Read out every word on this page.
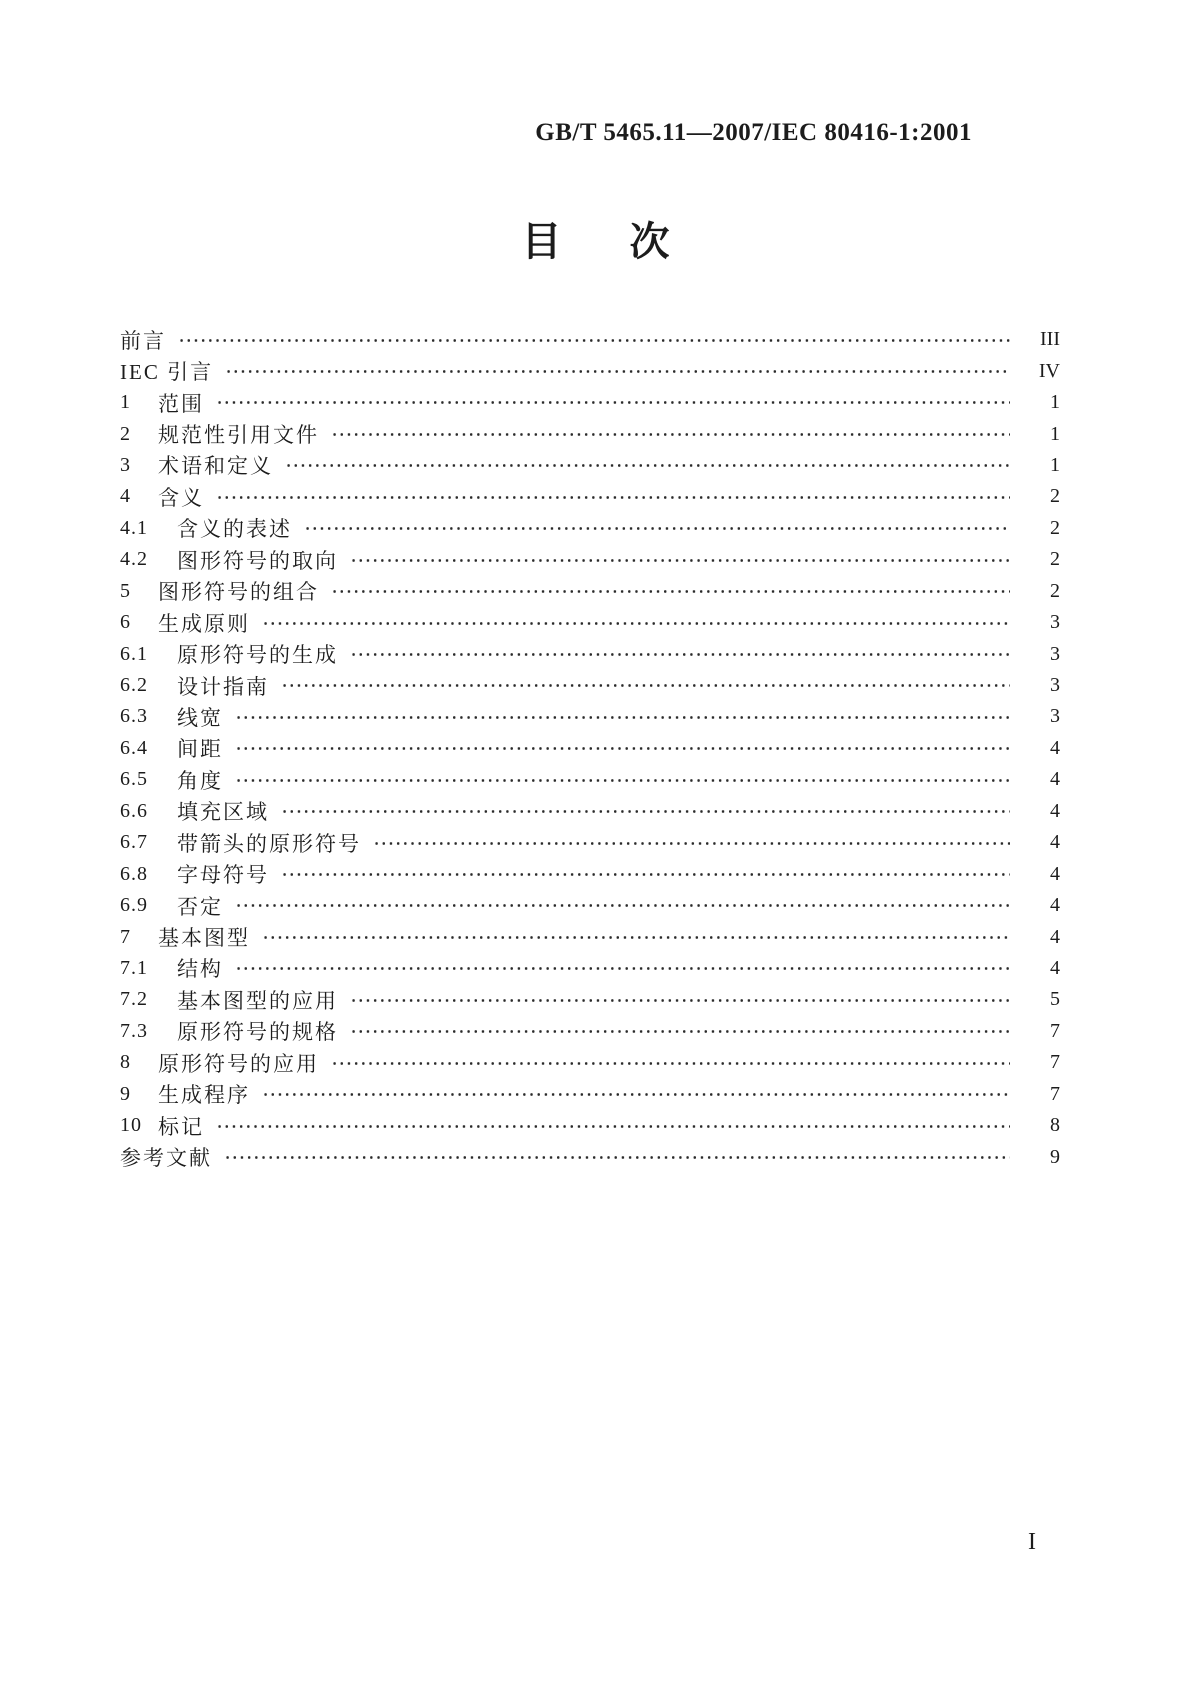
GB/T 5465.11—2007/IEC 80416-1:2001
目 次
前言	III
IEC 引言	IV
1	范围	1
2	规范性引用文件	1
3	术语和定义	1
4	含义	2
4.1	含义的表述	2
4.2	图形符号的取向	2
5	图形符号的组合	2
6	生成原则	3
6.1	原形符号的生成	3
6.2	设计指南	3
6.3	线宽	3
6.4	间距	4
6.5	角度	4
6.6	填充区域	4
6.7	带箭头的原形符号	4
6.8	字母符号	4
6.9	否定	4
7	基本图型	4
7.1	结构	4
7.2	基本图型的应用	5
7.3	原形符号的规格	7
8	原形符号的应用	7
9	生成程序	7
10 标记	8
参考文献	9
I
